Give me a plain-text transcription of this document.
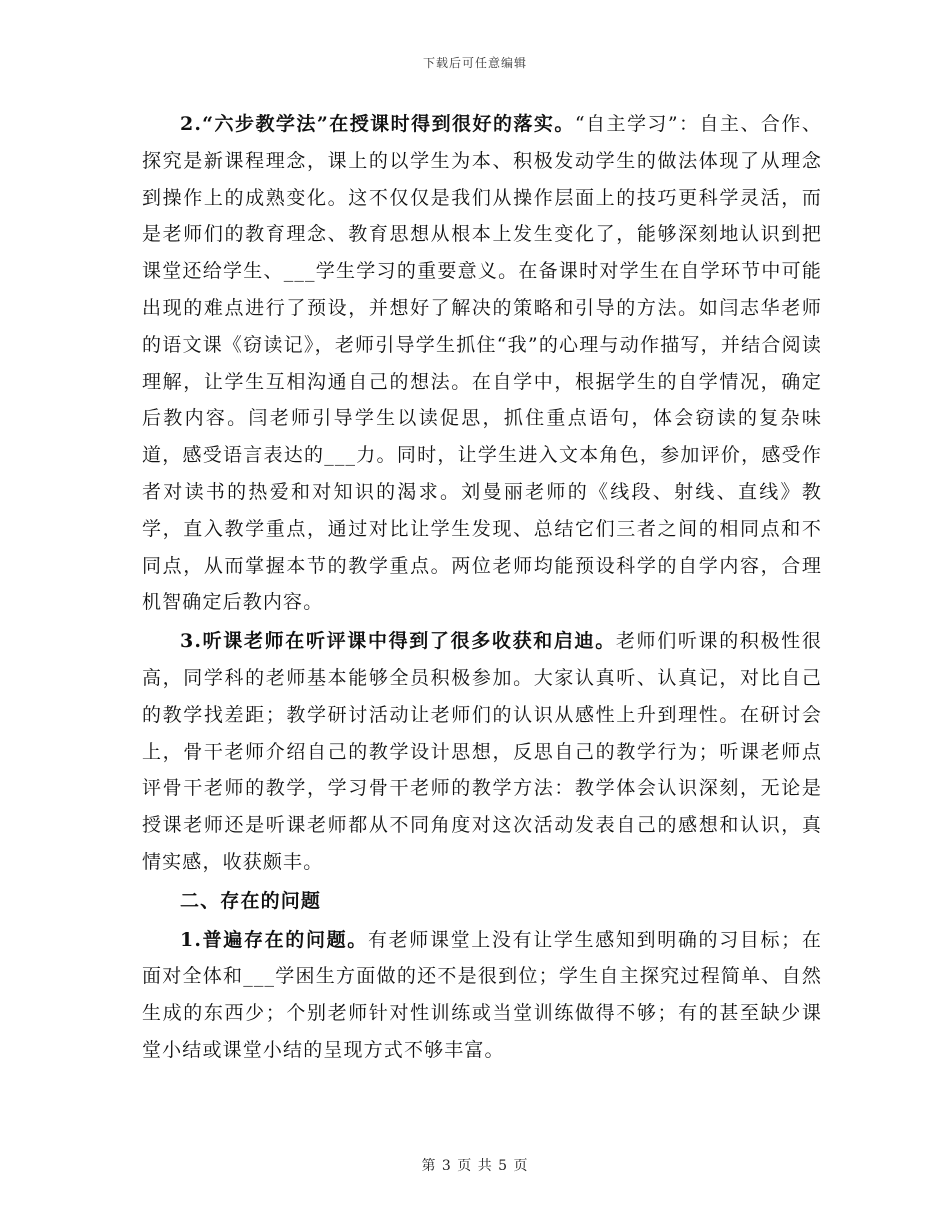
下载后可任意编辑

2.“六步教学法”在授课时得到很好的落实。“自主学习”：自主、合作、探究是新课程理念，课上的以学生为本、积极发动学生的做法体现了从理念到操作上的成熟变化。这不仅仅是我们从操作层面上的技巧更科学灵活，而是老师们的教育理念、教育思想从根本上发生变化了，能够深刻地认识到把课堂还给学生、___学生学习的重要意义。在备课时对学生在自学环节中可能出现的难点进行了预设，并想好了解决的策略和引导的方法。如闫志华老师的语文课《窃读记》，老师引导学生抓住“我”的心理与动作描写，并结合阅读理解，让学生互相沟通自己的想法。在自学中，根据学生的自学情况，确定后教内容。闫老师引导学生以读促思，抓住重点语句，体会窃读的复杂味道，感受语言表达的___力。同时，让学生进入文本角色，参加评价，感受作者对读书的热爱和对知识的渴求。刘曼丽老师的《线段、射线、直线》教学，直入教学重点，通过对比让学生发现、总结它们三者之间的相同点和不同点，从而掌握本节的教学重点。两位老师均能预设科学的自学内容，合理机智确定后教内容。

3.听课老师在听评课中得到了很多收获和启迪。老师们听课的积极性很高，同学科的老师基本能够全员积极参加。大家认真听、认真记，对比自己的教学找差距；教学研讨活动让老师们的认识从感性上升到理性。在研讨会上，骨干老师介绍自己的教学设计思想，反思自己的教学行为；听课老师点评骨干老师的教学，学习骨干老师的教学方法：教学体会认识深刻，无论是授课老师还是听课老师都从不同角度对这次活动发表自己的感想和认识，真情实感，收获颇丰。

二、存在的问题

1.普遍存在的问题。有老师课堂上没有让学生感知到明确的习目标；在面对全体和___学困生方面做的还不是很到位；学生自主探究过程简单、自然生成的东西少；个别老师针对性训练或当堂训练做得不够；有的甚至缺少课堂小结或课堂小结的呈现方式不够丰富。

第 3 页 共 5 页
